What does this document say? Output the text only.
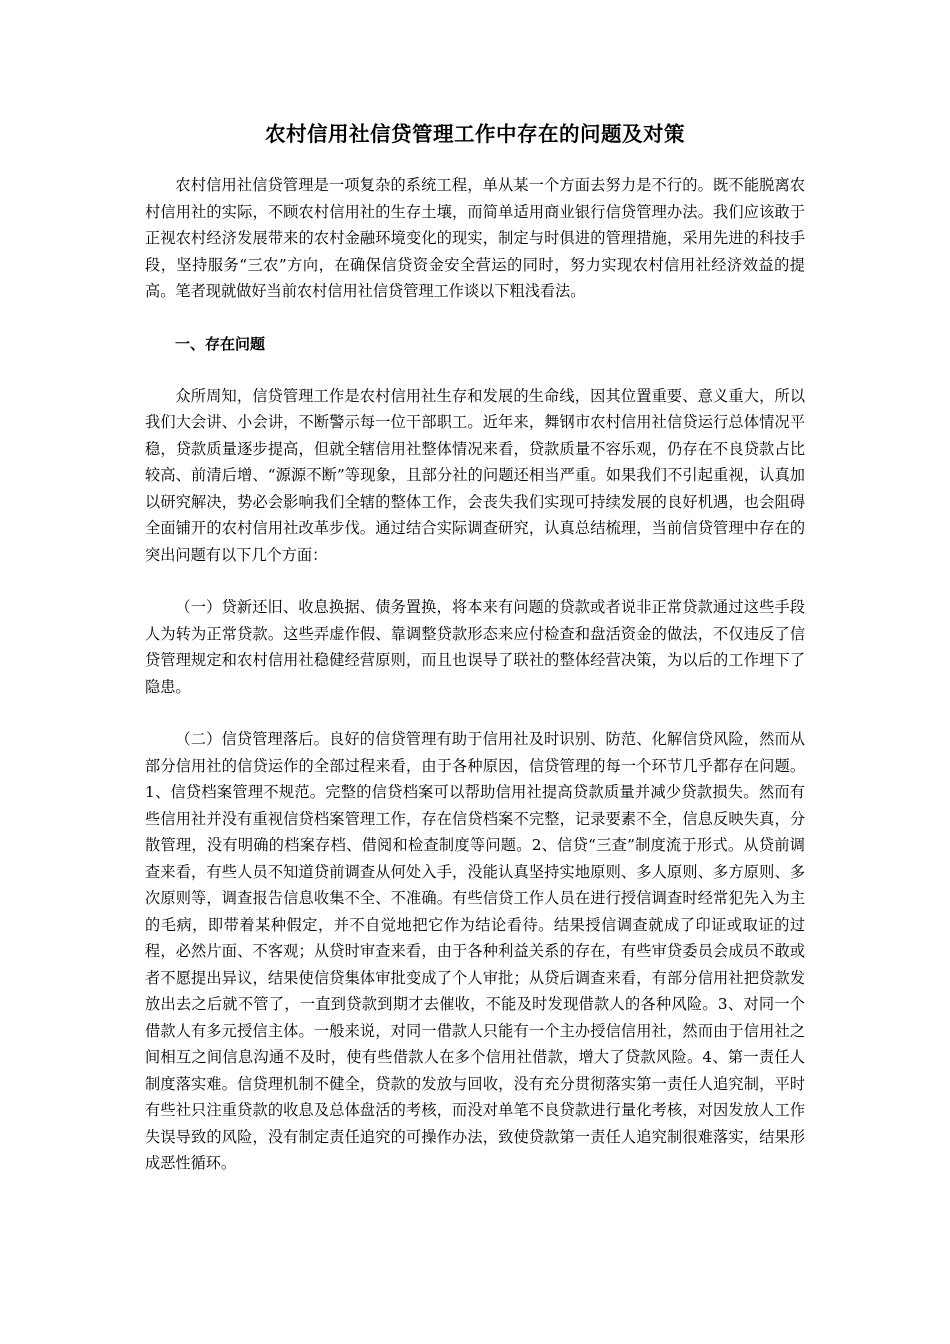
农村信用社信贷管理工作中存在的问题及对策

农村信用社信贷管理是一项复杂的系统工程，单从某一个方面去努力是不行的。既不能脱离农村信用社的实际，不顾农村信用社的生存土壤，而简单适用商业银行信贷管理办法。我们应该敢于正视农村经济发展带来的农村金融环境变化的现实，制定与时俱进的管理措施，采用先进的科技手段，坚持服务“三农”方向，在确保信贷资金安全营运的同时，努力实现农村信用社经济效益的提高。笔者现就做好当前农村信用社信贷管理工作谈以下粗浅看法。

一、存在问题

众所周知，信贷管理工作是农村信用社生存和发展的生命线，因其位置重要、意义重大，所以我们大会讲、小会讲，不断警示每一位干部职工。近年来，舞钢市农村信用社信贷运行总体情况平稳，贷款质量逐步提高，但就全辖信用社整体情况来看，贷款质量不容乐观，仍存在不良贷款占比较高、前清后增、“源源不断”等现象，且部分社的问题还相当严重。如果我们不引起重视，认真加以研究解决，势必会影响我们全辖的整体工作，会丧失我们实现可持续发展的良好机遇，也会阻碍全面铺开的农村信用社改革步伐。通过结合实际调查研究，认真总结梳理，当前信贷管理中存在的突出问题有以下几个方面：

（一）贷新还旧、收息换据、债务置换，将本来有问题的贷款或者说非正常贷款通过这些手段人为转为正常贷款。这些弄虚作假、靠调整贷款形态来应付检查和盘活资金的做法，不仅违反了信贷管理规定和农村信用社稳健经营原则，而且也误导了联社的整体经营决策，为以后的工作埋下了隐患。

（二）信贷管理落后。良好的信贷管理有助于信用社及时识别、防范、化解信贷风险，然而从部分信用社的信贷运作的全部过程来看，由于各种原因，信贷管理的每一个环节几乎都存在问题。1、信贷档案管理不规范。完整的信贷档案可以帮助信用社提高贷款质量并减少贷款损失。然而有些信用社并没有重视信贷档案管理工作，存在信贷档案不完整，记录要素不全，信息反映失真，分散管理，没有明确的档案存档、借阅和检查制度等问题。2、信贷“三查”制度流于形式。从贷前调查来看，有些人员不知道贷前调查从何处入手，没能认真坚持实地原则、多人原则、多方原则、多次原则等，调查报告信息收集不全、不准确。有些信贷工作人员在进行授信调查时经常犯先入为主的毛病，即带着某种假定，并不自觉地把它作为结论看待。结果授信调查就成了印证或取证的过程，必然片面、不客观；从贷时审查来看，由于各种利益关系的存在，有些审贷委员会成员不敢或者不愿提出异议，结果使信贷集体审批变成了个人审批；从贷后调查来看，有部分信用社把贷款发放出去之后就不管了，一直到贷款到期才去催收，不能及时发现借款人的各种风险。3、对同一个借款人有多元授信主体。一般来说，对同一借款人只能有一个主办授信信用社，然而由于信用社之间相互之间信息沟通不及时，使有些借款人在多个信用社借款，增大了贷款风险。4、第一责任人制度落实难。信贷理机制不健全，贷款的发放与回收，没有充分贯彻落实第一责任人追究制，平时有些社只注重贷款的收息及总体盘活的考核，而没对单笔不良贷款进行量化考核，对因发放人工作失误导致的风险，没有制定责任追究的可操作办法，致使贷款第一责任人追究制很难落实，结果形成恶性循环。
